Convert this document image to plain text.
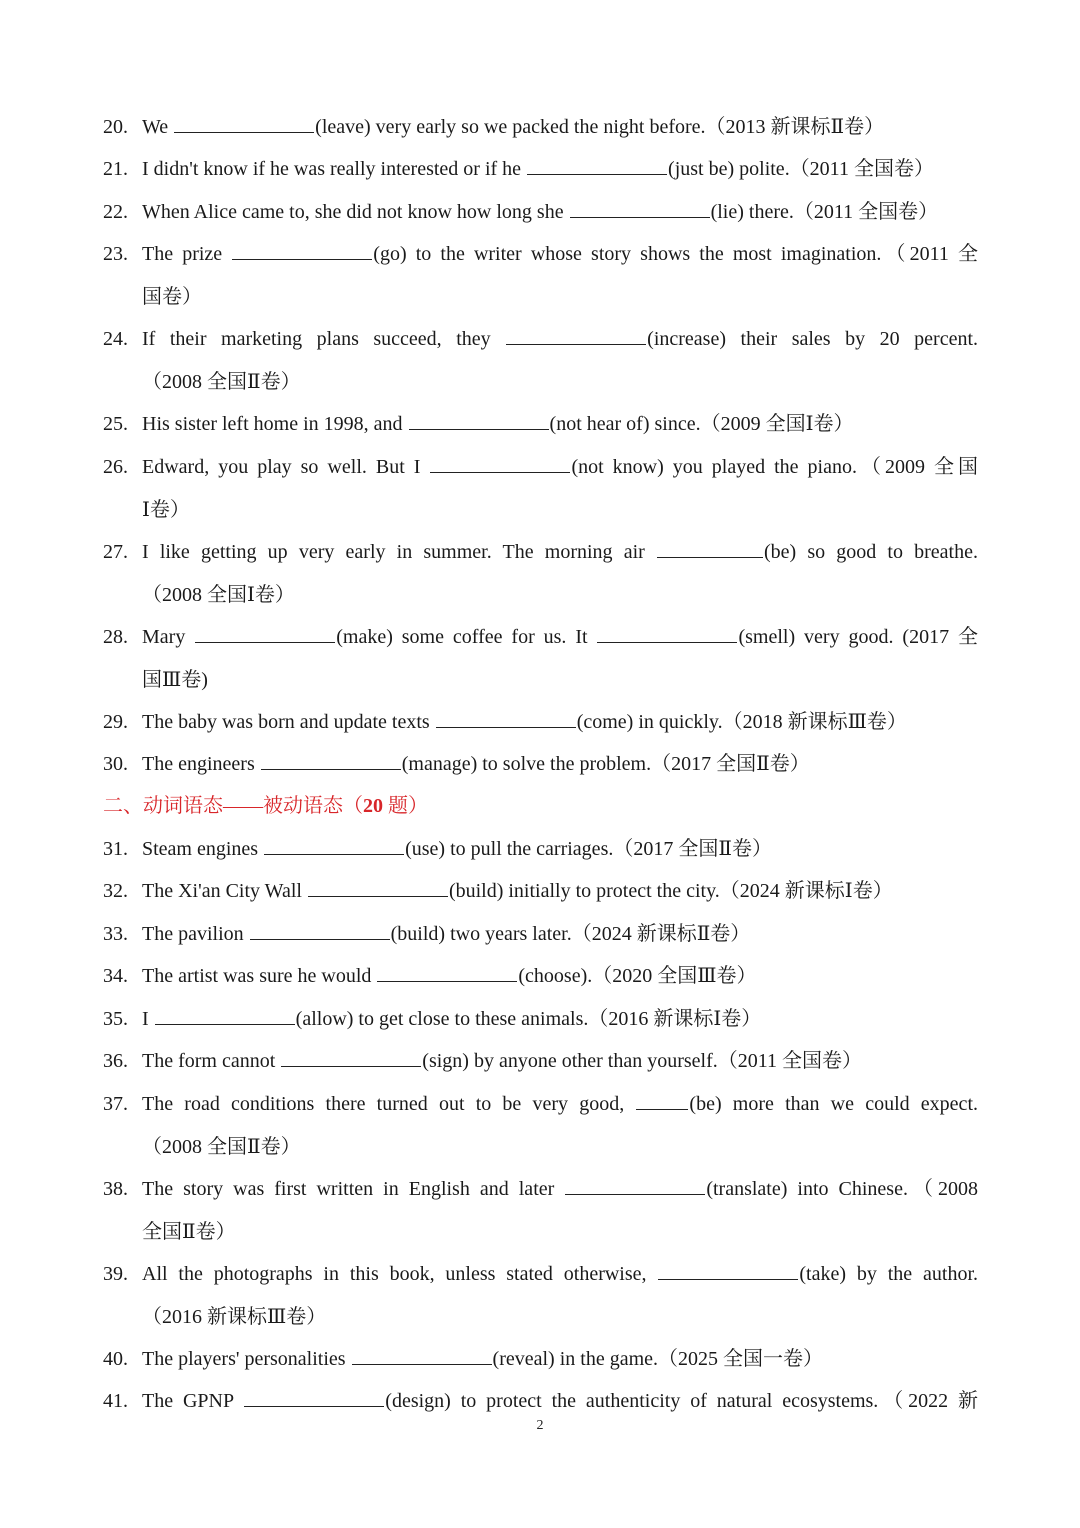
20. We	(leave) very early so we packed the night before.（2013 新课标Ⅱ卷）
21. I didn't know if he was really interested or if he	(just be) polite.（2011 全国卷）
22. When Alice came to, she did not know how long she	(lie) there.（2011 全国卷）
23. The prize	(go) to the writer whose story shows the most imagination.（2011 全
国卷）
24. If their marketing plans succeed, they	(increase) their sales by 20 percent.
（2008 全国Ⅱ卷）
25. His sister left home in 1998, and	(not hear of) since.（2009 全国Ⅰ卷）
26. Edward, you play so well. But I	(not know) you played the piano.（2009 全国
Ⅰ卷）
27. I like getting up very early in summer. The morning air	(be) so good to breathe.
（2008 全国Ⅰ卷）
28. Mary	(make) some coffee for us. It	(smell) very good. (2017 全
国Ⅲ卷)
29. The baby was born and update texts	(come) in quickly.（2018 新课标Ⅲ卷）
30. The engineers	(manage) to solve the problem.（2017 全国Ⅱ卷）
二、动词语态——被动语态（20 题）
31. Steam engines	(use) to pull the carriages.（2017 全国Ⅱ卷）
32. The Xi'an City Wall	(build) initially to protect the city.（2024 新课标Ⅰ卷）
33. The pavilion	(build) two years later.（2024 新课标Ⅱ卷）
34. The artist was sure he would	(choose).（2020 全国Ⅲ卷）
35. I	(allow) to get close to these animals.（2016 新课标Ⅰ卷）
36. The form cannot	(sign) by anyone other than yourself.（2011 全国卷）
37. The road conditions there turned out to be very good,	(be) more than we could expect.
（2008 全国Ⅱ卷）
38. The story was first written in English and later	(translate) into Chinese.（2008
全国Ⅱ卷）
39. All the photographs in this book, unless stated otherwise,	(take) by the author.
（2016 新课标Ⅲ卷）
40. The players' personalities	(reveal) in the game.（2025 全国一卷）
41. The GPNP	(design) to protect the authenticity of natural ecosystems.（2022 新
2
